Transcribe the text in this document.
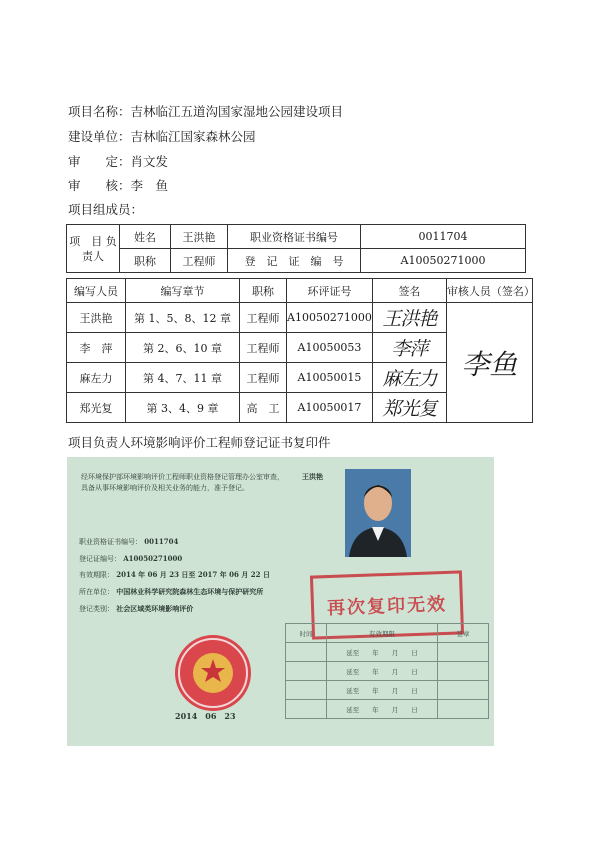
项目名称：吉林临江五道沟国家湿地公园建设项目
建设单位：吉林临江国家森林公园
审　　定：肖文发
审　　核：李　鱼
项目组成员：
项　目 负责人	姓名	王洪艳	职业资格证书编号	0011704
	职称	工程师	登　记　证　编　号	A10050271000
编写人员	编写章节	职称	环评证号	签名	审核人员（签名）
王洪艳	第 1、5、8、12 章	工程师	A10050271000	王洪艳	李鱼
李　萍	第 2、6、10 章	工程师	A10050053	李萍	
麻左力	第 4、7、11 章	工程师	A10050015	麻左力	
郑光复	第 3、4、9 章	高　工	A10050017	郑光复	
项目负责人环境影响评价工程师登记证书复印件
经环境保护部环境影响评价工程师职业资格登记管理办公室审查，	王洪艳
具备从事环境影响评价及相关业务的能力，准予登记。
职业资格证书编号： 0011704
登记证编号： A10050271000
有效期限： 2014 年 06 月 23 日至 2017 年 06 月 22 日
所在单位： 中国林业科学研究院森林生态环境与保护研究所
登记类别： 社会区域类环境影响评价	再次复印无效
时间	有效期限	签章
	延至　　 年　　 月　　 日	
	延至　　 年　　 月　　 日	
	延至　　 年　　 月　　 日	
	延至　　 年　　 月　　 日	
2014　06　23
